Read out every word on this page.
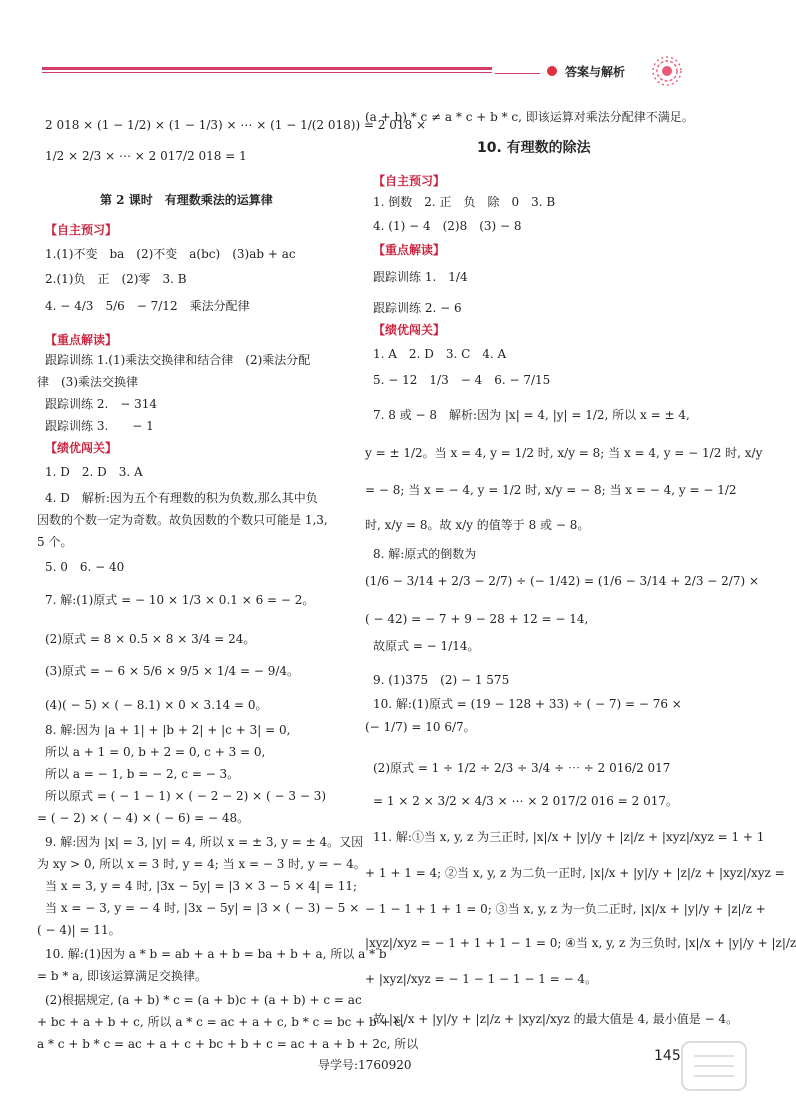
答案与解析
2 018 × (1 − 1/2) × (1 − 1/3) × ⋯ × (1 − 1/(2 018)) = 2 018 ×
1/2 × 2/3 × ⋯ × 2 017/2 018 = 1
第 2 课时　有理数乘法的运算律
【自主预习】
1.(1)不变　ba　(2)不变　a(bc)　(3)ab + ac
2.(1)负　正　(2)零　3. B
4. − 4/3　5/6　− 7/12　乘法分配律
【重点解读】
跟踪训练 1.(1)乘法交换律和结合律　(2)乘法分配
律　(3)乘法交换律
跟踪训练 2.　− 314
跟踪训练 3.　　− 1
【绩优闯关】
1. D　2. D　3. A
4. D　解析:因为五个有理数的积为负数,那么其中负
因数的个数一定为奇数。故负因数的个数只可能是 1,3,
5 个。
5. 0　6. − 40
7. 解:(1)原式 = − 10 × 1/3 × 0.1 × 6 = − 2。
(2)原式 = 8 × 0.5 × 8 × 3/4 = 24。
(3)原式 = − 6 × 5/6 × 9/5 × 1/4 = − 9/4。
(4)( − 5) × ( − 8.1) × 0 × 3.14 = 0。
8. 解:因为 |a + 1| + |b + 2| + |c + 3| = 0,
所以 a + 1 = 0, b + 2 = 0, c + 3 = 0,
所以 a = − 1, b = − 2, c = − 3。
所以原式 = ( − 1 − 1) × ( − 2 − 2) × ( − 3 − 3)
= ( − 2) × ( − 4) × ( − 6) = − 48。
9. 解:因为 |x| = 3, |y| = 4, 所以 x = ± 3, y = ± 4。又因
为 xy > 0, 所以 x = 3 时, y = 4; 当 x = − 3 时, y = − 4。
当 x = 3, y = 4 时, |3x − 5y| = |3 × 3 − 5 × 4| = 11;
当 x = − 3, y = − 4 时, |3x − 5y| = |3 × ( − 3) − 5 ×
( − 4)| = 11。
10. 解:(1)因为 a * b = ab + a + b = ba + b + a, 所以 a * b
= b * a, 即该运算满足交换律。
(2)根据规定, (a + b) * c = (a + b)c + (a + b) + c = ac
+ bc + a + b + c, 所以 a * c = ac + a + c, b * c = bc + b + c,
a * c + b * c = ac + a + c + bc + b + c = ac + a + b + 2c, 所以
(a + b) * c ≠ a * c + b * c, 即该运算对乘法分配律不满足。
10. 有理数的除法
【自主预习】
1. 倒数　2. 正　负　除　0　3. B
4. (1) − 4　(2)8　(3) − 8
【重点解读】
跟踪训练 1.　1/4
跟踪训练 2. − 6
【绩优闯关】
1. A　2. D　3. C　4. A
5. − 12　1/3　− 4　6. − 7/15
7. 8 或 − 8　解析:因为 |x| = 4, |y| = 1/2, 所以 x = ± 4,
y = ± 1/2。当 x = 4, y = 1/2 时, x/y = 8; 当 x = 4, y = − 1/2 时, x/y
= − 8; 当 x = − 4, y = 1/2 时, x/y = − 8; 当 x = − 4, y = − 1/2
时, x/y = 8。故 x/y 的值等于 8 或 − 8。
8. 解:原式的倒数为
(1/6 − 3/14 + 2/3 − 2/7) ÷ (− 1/42) = (1/6 − 3/14 + 2/3 − 2/7) ×
( − 42) = − 7 + 9 − 28 + 12 = − 14,
故原式 = − 1/14。
9. (1)375　(2) − 1 575
10. 解:(1)原式 = (19 − 128 + 33) ÷ ( − 7) = − 76 ×
(− 1/7) = 10 6/7。
(2)原式 = 1 ÷ 1/2 ÷ 2/3 ÷ 3/4 ÷ ⋯ ÷ 2 016/2 017
= 1 × 2 × 3/2 × 4/3 × ⋯ × 2 017/2 016 = 2 017。
11. 解:①当 x, y, z 为三正时, |x|/x + |y|/y + |z|/z + |xyz|/xyz = 1 + 1
+ 1 + 1 = 4; ②当 x, y, z 为二负一正时, |x|/x + |y|/y + |z|/z + |xyz|/xyz =
− 1 − 1 + 1 + 1 = 0; ③当 x, y, z 为一负二正时, |x|/x + |y|/y + |z|/z +
|xyz|/xyz = − 1 + 1 + 1 − 1 = 0; ④当 x, y, z 为三负时, |x|/x + |y|/y + |z|/z
+ |xyz|/xyz = − 1 − 1 − 1 − 1 = − 4。
故 |x|/x + |y|/y + |z|/z + |xyz|/xyz 的最大值是 4, 最小值是 − 4。
导学号:1760920
145
